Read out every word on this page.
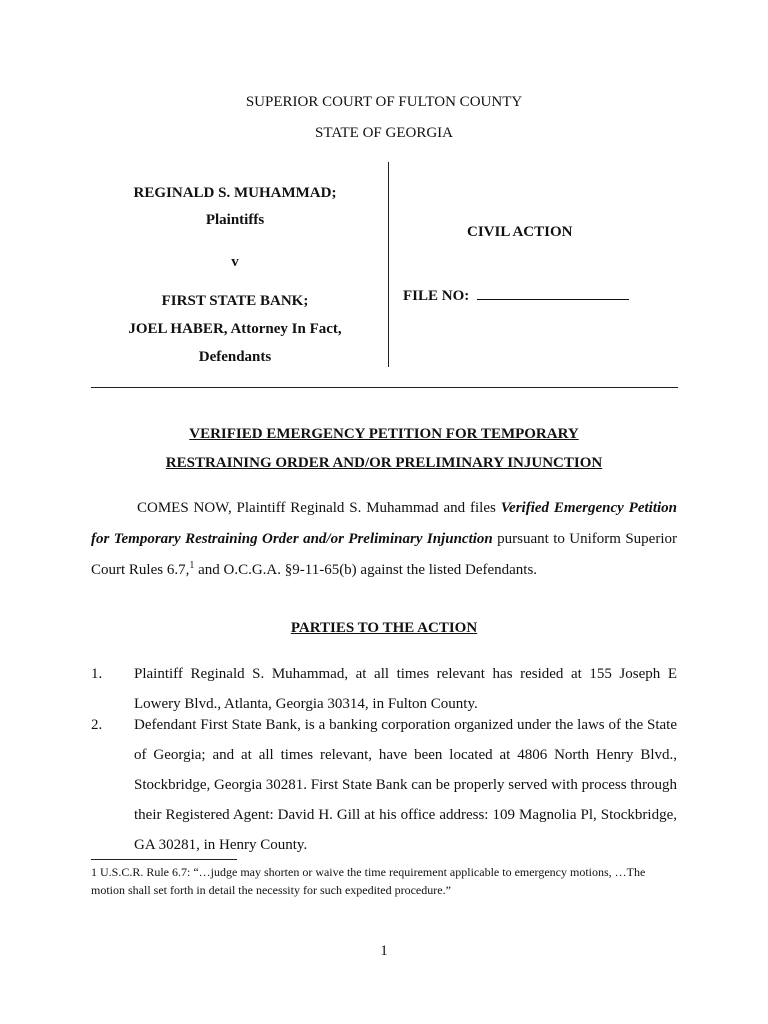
SUPERIOR COURT OF FULTON COUNTY
STATE OF GEORGIA
REGINALD S. MUHAMMAD;
Plaintiffs
v
FIRST STATE BANK;
JOEL HABER, Attorney In Fact,
Defendants
CIVIL ACTION
FILE NO:
VERIFIED EMERGENCY PETITION FOR TEMPORARY
RESTRAINING ORDER AND/OR PRELIMINARY INJUNCTION
COMES NOW, Plaintiff Reginald S. Muhammad and files Verified Emergency Petition for Temporary Restraining Order and/or Preliminary Injunction pursuant to Uniform Superior Court Rules 6.7,$^1$ and O.C.G.A. §9-11-65(b) against the listed Defendants.
PARTIES TO THE ACTION
1.	Plaintiff Reginald S. Muhammad, at all times relevant has resided at 155 Joseph E Lowery Blvd., Atlanta, Georgia 30314, in Fulton County.
2.	Defendant First State Bank, is a banking corporation organized under the laws of the State of Georgia; and at all times relevant, have been located at 4806 North Henry Blvd., Stockbridge, Georgia 30281. First State Bank can be properly served with process through their Registered Agent: David H. Gill at his office address: 109 Magnolia Pl, Stockbridge, GA 30281, in Henry County.
1 U.S.C.R. Rule 6.7: “…judge may shorten or waive the time requirement applicable to emergency motions, …The motion shall set forth in detail the necessity for such expedited procedure.”
1
